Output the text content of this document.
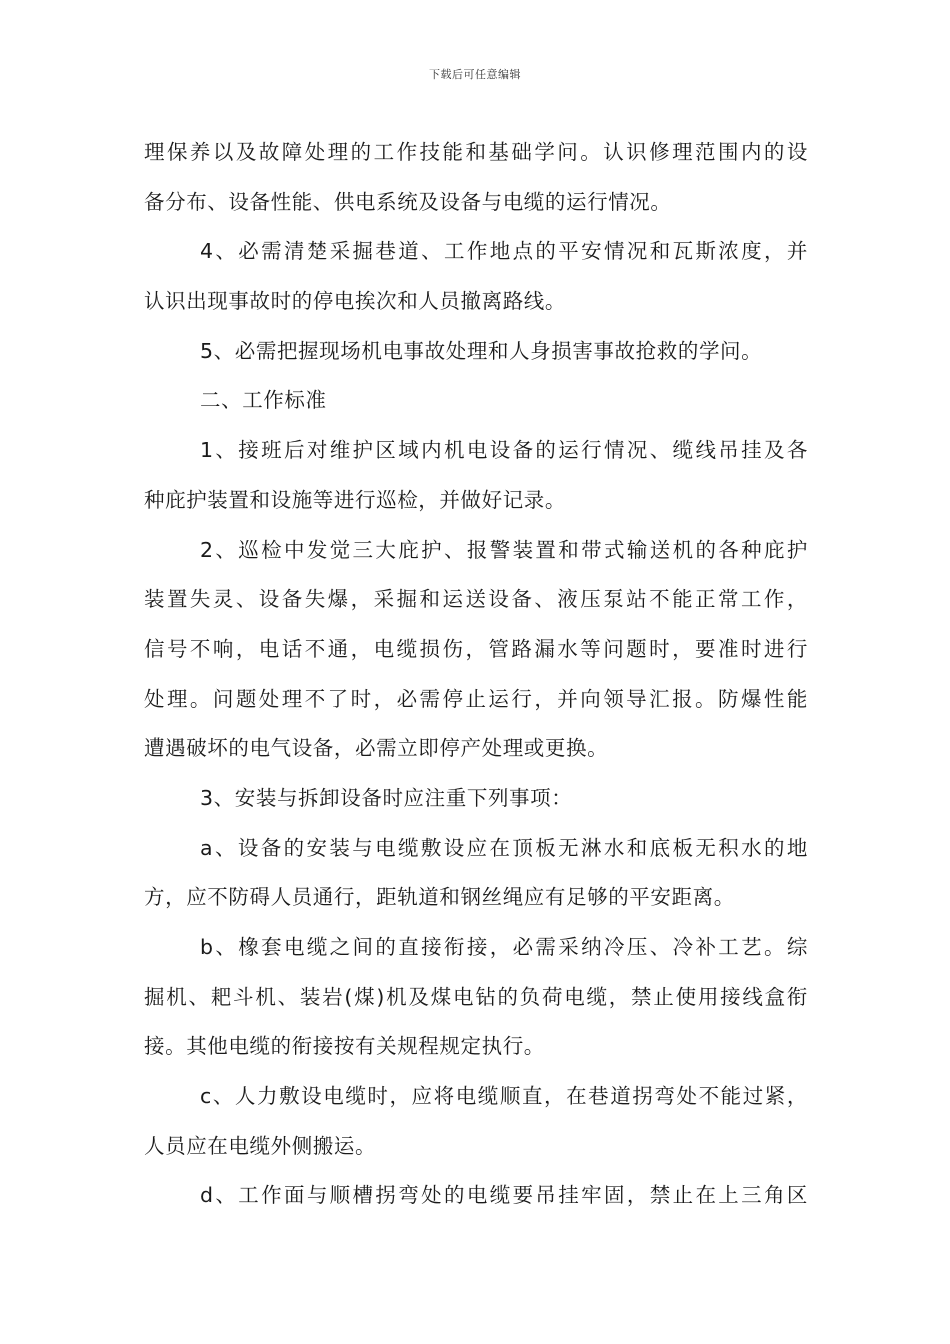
下载后可任意编辑
理保养以及故障处理的工作技能和基础学问。认识修理范围内的设
备分布、设备性能、供电系统及设备与电缆的运行情况。
4、必需清楚采掘巷道、工作地点的平安情况和瓦斯浓度，并
认识出现事故时的停电挨次和人员撤离路线。
5、必需把握现场机电事故处理和人身损害事故抢救的学问。
二、工作标准
1、接班后对维护区域内机电设备的运行情况、缆线吊挂及各
种庇护装置和设施等进行巡检，并做好记录。
2、巡检中发觉三大庇护、报警装置和带式输送机的各种庇护
装置失灵、设备失爆，采掘和运送设备、液压泵站不能正常工作，
信号不响，电话不通，电缆损伤，管路漏水等问题时，要准时进行
处理。问题处理不了时，必需停止运行，并向领导汇报。防爆性能
遭遇破坏的电气设备，必需立即停产处理或更换。
3、安装与拆卸设备时应注重下列事项：
a、设备的安装与电缆敷设应在顶板无淋水和底板无积水的地
方，应不防碍人员通行，距轨道和钢丝绳应有足够的平安距离。
b、橡套电缆之间的直接衔接，必需采纳冷压、冷补工艺。综
掘机、耙斗机、装岩(煤)机及煤电钻的负荷电缆，禁止使用接线盒衔
接。其他电缆的衔接按有关规程规定执行。
c、人力敷设电缆时，应将电缆顺直，在巷道拐弯处不能过紧，
人员应在电缆外侧搬运。
d、工作面与顺槽拐弯处的电缆要吊挂牢固，禁止在上三角区
